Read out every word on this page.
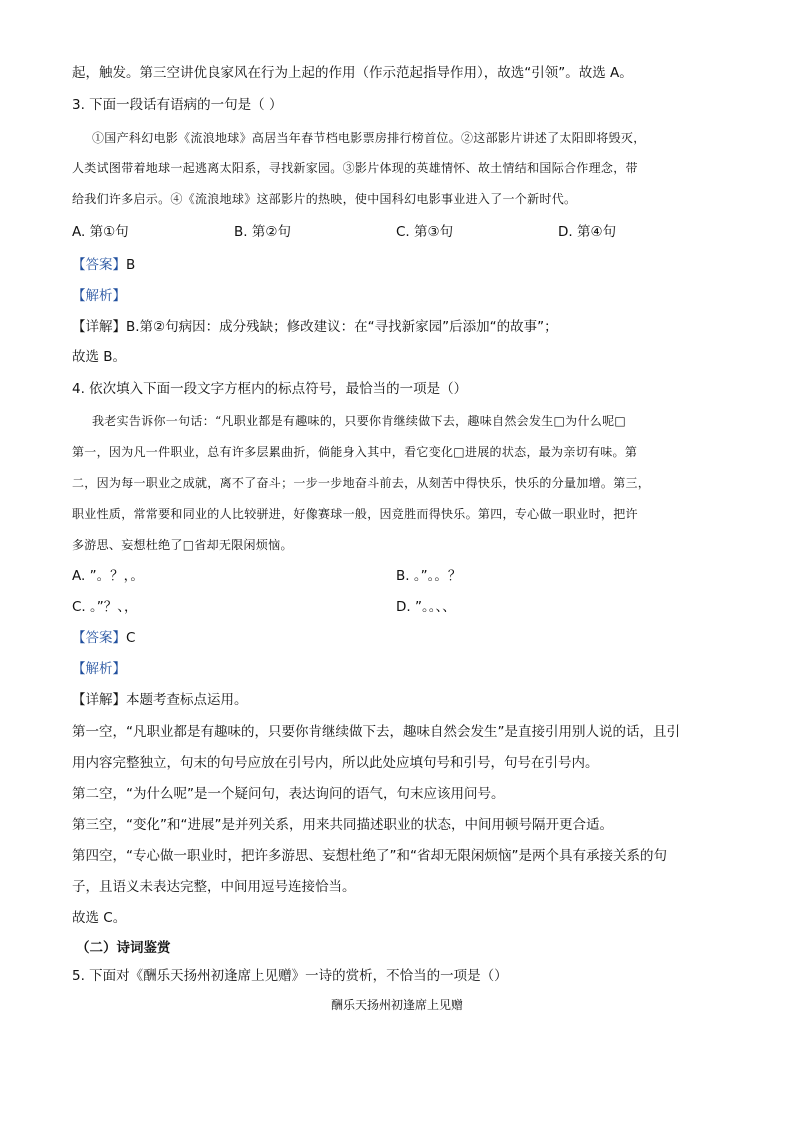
起，触发。第三空讲优良家风在行为上起的作用（作示范起指导作用），故选“引领”。故选 A。
3. 下面一段话有语病的一句是（ ）
①国产科幻电影《流浪地球》高居当年春节档电影票房排行榜首位。②这部影片讲述了太阳即将毁灭，
人类试图带着地球一起逃离太阳系，寻找新家园。③影片体现的英雄情怀、故土情结和国际合作理念，带
给我们许多启示。④《流浪地球》这部影片的热映，使中国科幻电影事业进入了一个新时代。
A. 第①句	B. 第②句	C. 第③句	D. 第④句
【答案】B
【解析】
【详解】B.第②句病因：成分残缺；修改建议：在“寻找新家园”后添加“的故事”；
故选 B。
4. 依次填入下面一段文字方框内的标点符号，最恰当的一项是（）
我老实告诉你一句话：“凡职业都是有趣味的，只要你肯继续做下去，趣味自然会发生□为什么呢□
第一，因为凡一件职业，总有许多层累曲折，倘能身入其中，看它变化□进展的状态，最为亲切有味。第
二，因为每一职业之成就，离不了奋斗；一步一步地奋斗前去，从刻苦中得快乐，快乐的分量加增。第三，
职业性质，常常要和同业的人比较骈进，好像赛球一般，因竞胜而得快乐。第四，专心做一职业时，把许
多游思、妄想杜绝了□省却无限闲烦恼。
A. ”。？，。	B. 。”。。？
C. 。”？、，	D. ”。。、、
【答案】C
【解析】
【详解】本题考查标点运用。
第一空，“凡职业都是有趣味的，只要你肯继续做下去，趣味自然会发生”是直接引用别人说的话，且引
用内容完整独立，句末的句号应放在引号内，所以此处应填句号和引号，句号在引号内。
第二空，“为什么呢”是一个疑问句，表达询问的语气，句末应该用问号。
第三空，“变化”和“进展”是并列关系，用来共同描述职业的状态，中间用顿号隔开更合适。
第四空，“专心做一职业时，把许多游思、妄想杜绝了”和“省却无限闲烦恼”是两个具有承接关系的句
子，且语义未表达完整，中间用逗号连接恰当。
故选 C。
（二）诗词鉴赏
5. 下面对《酬乐天扬州初逢席上见赠》一诗的赏析，不恰当的一项是（）
酬乐天扬州初逢席上见赠
